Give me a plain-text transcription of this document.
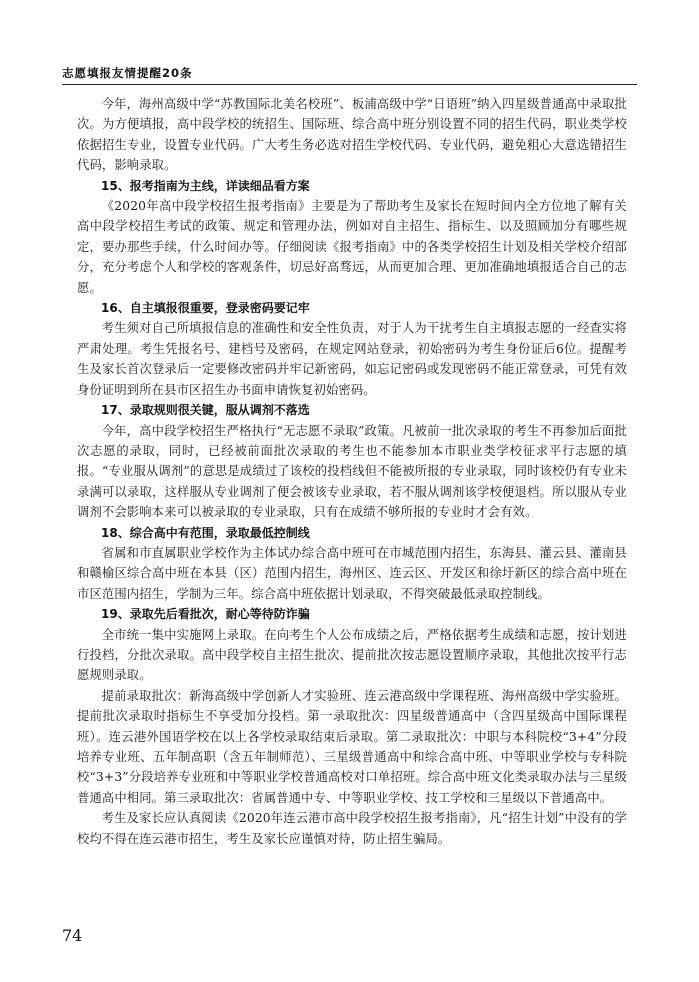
志愿填报友情提醒20条

今年，海州高级中学“苏教国际北美名校班”、板浦高级中学“日语班”纳入四星级普通高中录取批次。为方便填报，高中段学校的统招生、国际班、综合高中班分别设置不同的招生代码，职业类学校依据招生专业，设置专业代码。广大考生务必选对招生学校代码、专业代码，避免粗心大意选错招生代码，影响录取。

15、报考指南为主线，详读细品看方案

《2020年高中段学校招生报考指南》主要是为了帮助考生及家长在短时间内全方位地了解有关高中段学校招生考试的政策、规定和管理办法，例如对自主招生、指标生、以及照顾加分有哪些规定，要办那些手续，什么时间办等。仔细阅读《报考指南》中的各类学校招生计划及相关学校介绍部分，充分考虑个人和学校的客观条件，切忌好高骛远，从而更加合理、更加准确地填报适合自己的志愿。

16、自主填报很重要，登录密码要记牢

考生须对自己所填报信息的准确性和安全性负责，对于人为干扰考生自主填报志愿的一经查实将严肃处理。考生凭报名号、建档号及密码，在规定网站登录，初始密码为考生身份证后6位。提醒考生及家长首次登录后一定要修改密码并牢记新密码，如忘记密码或发现密码不能正常登录，可凭有效身份证明到所在县市区招生办书面申请恢复初始密码。

17、录取规则很关键，服从调剂不落选

今年，高中段学校招生严格执行“无志愿不录取”政策。凡被前一批次录取的考生不再参加后面批次志愿的录取，同时，已经被前面批次录取的考生也不能参加本市职业类学校征求平行志愿的填报。“专业服从调剂”的意思是成绩过了该校的投档线但不能被所报的专业录取，同时该校仍有专业未录满可以录取，这样服从专业调剂了便会被该专业录取，若不服从调剂该学校便退档。所以服从专业调剂不会影响本来可以被录取的专业录取，只有在成绩不够所报的专业时才会有效。

18、综合高中有范围，录取最低控制线

省属和市直属职业学校作为主体试办综合高中班可在市城范围内招生，东海县、灌云县、灌南县和赣榆区综合高中班在本县（区）范围内招生，海州区、连云区、开发区和徐圩新区的综合高中班在市区范围内招生，学制为三年。综合高中班依据计划录取，不得突破最低录取控制线。

19、录取先后看批次，耐心等待防诈骗

全市统一集中实施网上录取。在向考生个人公布成绩之后，严格依据考生成绩和志愿，按计划进行投档，分批次录取。高中段学校自主招生批次、提前批次按志愿设置顺序录取，其他批次按平行志愿规则录取。

提前录取批次：新海高级中学创新人才实验班、连云港高级中学课程班、海州高级中学实验班。提前批次录取时指标生不享受加分投档。第一录取批次：四星级普通高中（含四星级高中国际课程班）。连云港外国语学校在以上各学校录取结束后录取。第二录取批次：中职与本科院校“3+4”分段培养专业班、五年制高职（含五年制师范）、三星级普通高中和综合高中班、中等职业学校与专科院校“3+3”分段培养专业班和中等职业学校普通高校对口单招班。综合高中班文化类录取办法与三星级普通高中相同。第三录取批次：省属普通中专、中等职业学校、技工学校和三星级以下普通高中。

考生及家长应认真阅读《2020年连云港市高中段学校招生报考指南》，凡“招生计划”中没有的学校均不得在连云港市招生，考生及家长应谨慎对待，防止招生骗局。

74
